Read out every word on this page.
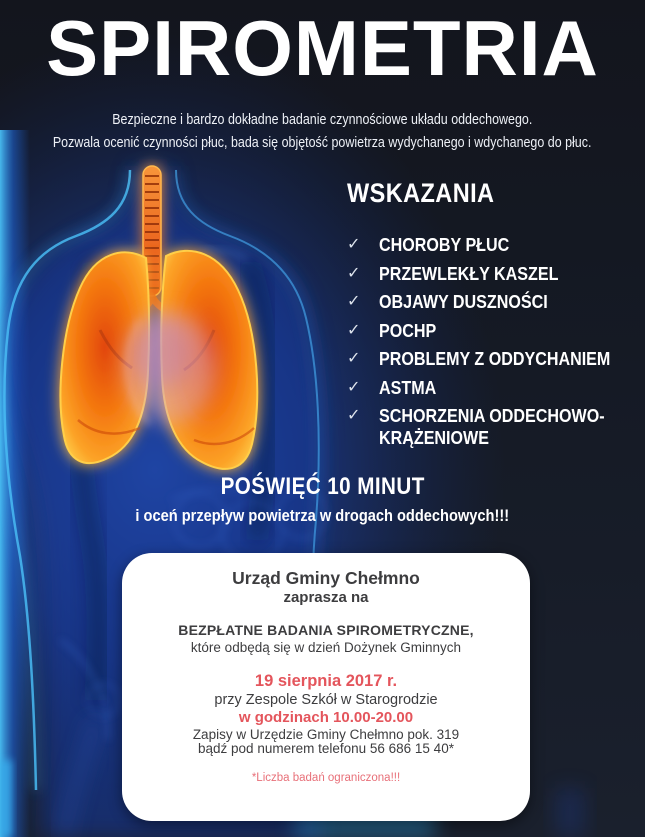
SPIROMETRIA
Bezpieczne i bardzo dokładne badanie czynnościowe układu oddechowego.
Pozwala ocenić czynności płuc, bada się objętość powietrza wydychanego i wdychanego do płuc.
WSKAZANIA
✓ CHOROBY PŁUC
✓ PRZEWLEKŁY KASZEL
✓ OBJAWY DUSZNOŚCI
✓ POCHP
✓ PROBLEMY Z ODDYCHANIEM
✓ ASTMA
✓ SCHORZENIA ODDECHOWO-KRĄŻENIOWE
POŚWIĘĆ 10 MINUT
i oceń przepływ powietrza w drogach oddechowych!!!
Urząd Gminy Chełmno
zaprasza na
BEZPŁATNE BADANIA SPIROMETRYCZNE,
które odbędą się w dzień Dożynek Gminnych
19 sierpnia 2017 r.
przy Zespole Szkół w Starogrodzie
w godzinach 10.00-20.00
Zapisy w Urzędzie Gminy Chełmno pok. 319
bądź pod numerem telefonu 56 686 15 40*
*Liczba badań ograniczona!!!
